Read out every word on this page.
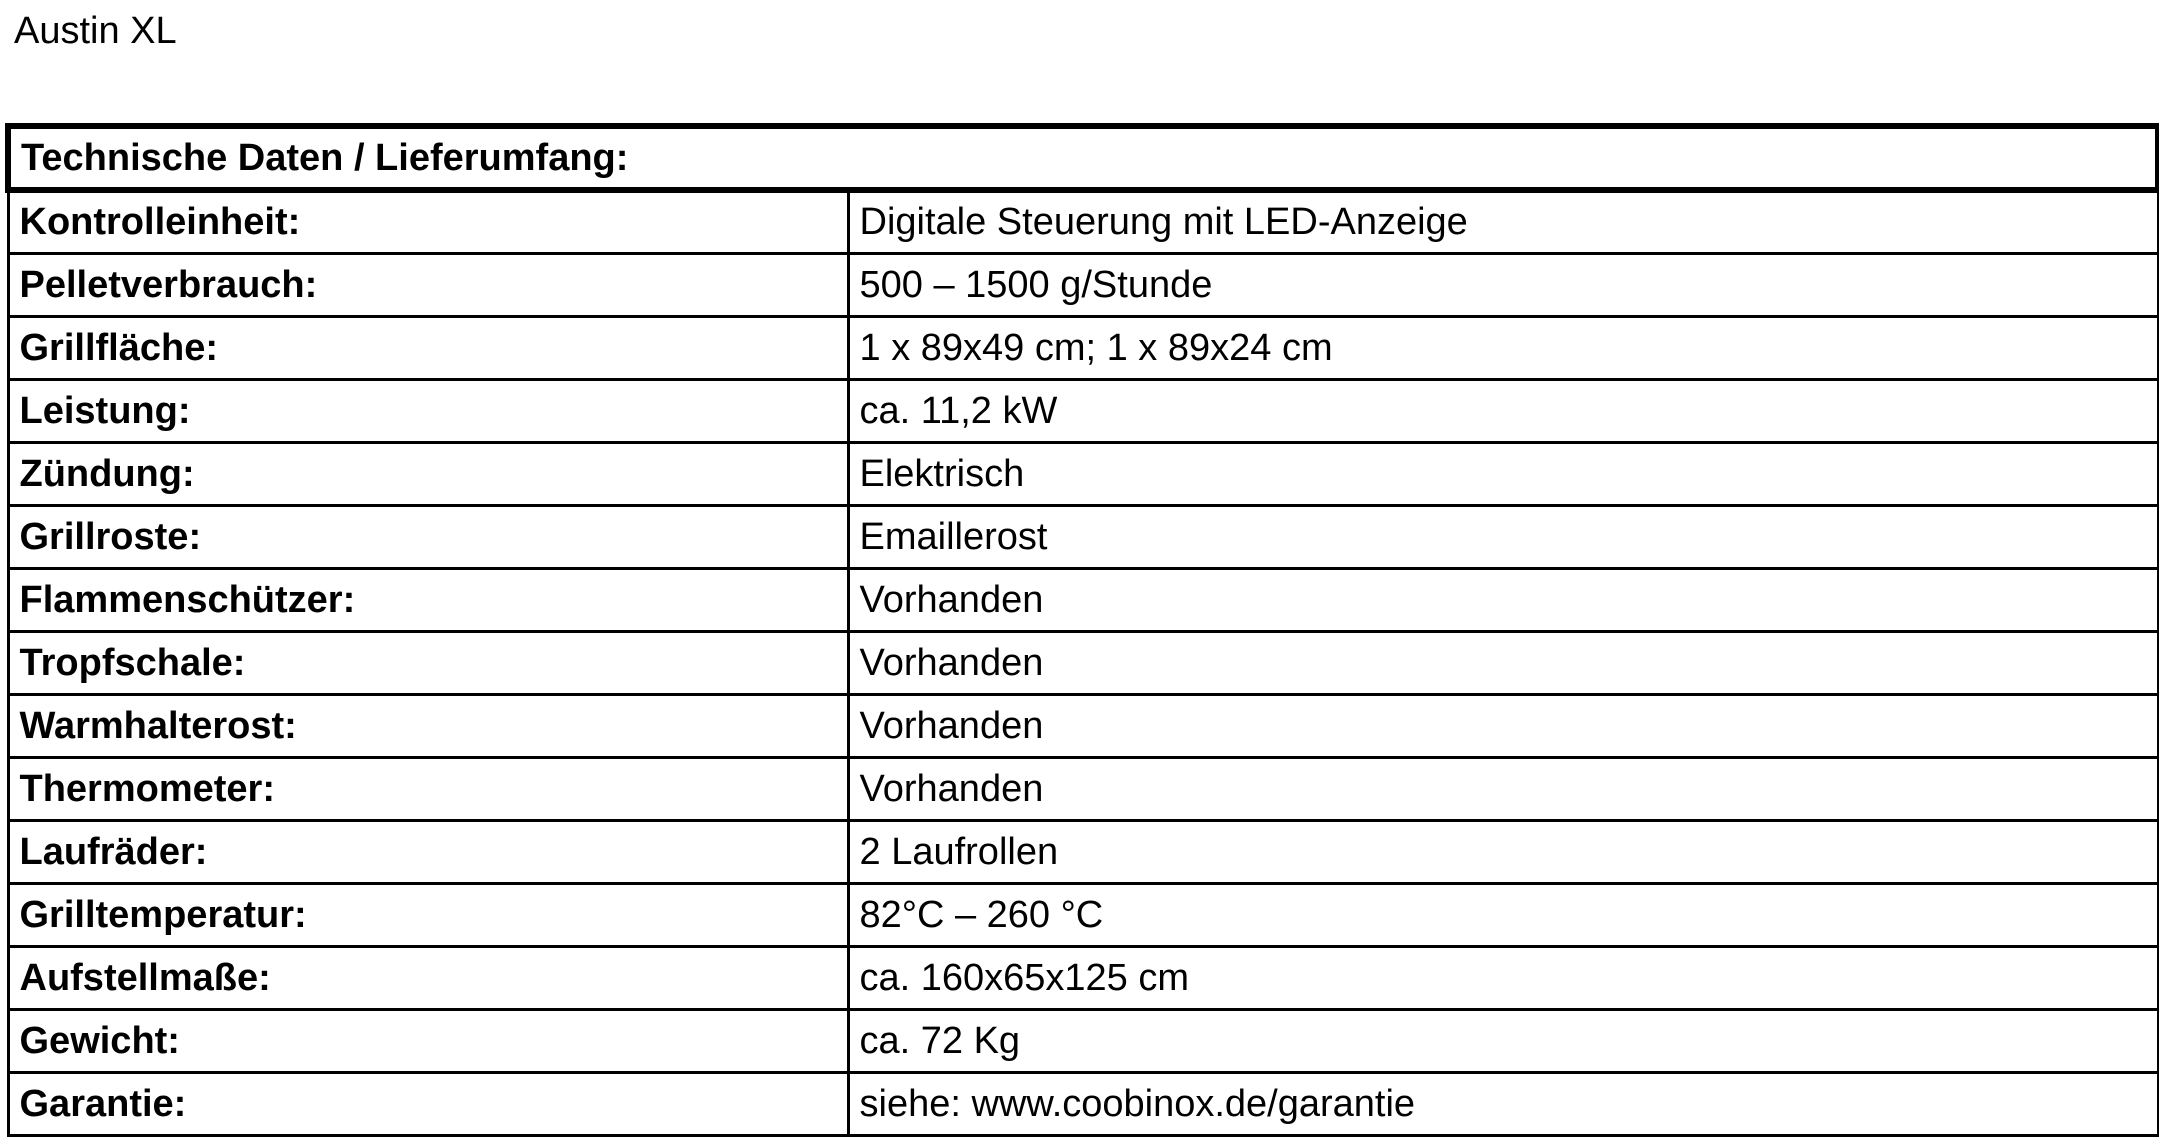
Austin XL
Technische Daten / Lieferumfang:	
Kontrolleinheit:	Digitale Steuerung mit LED-Anzeige
Pelletverbrauch:	500 – 1500 g/Stunde
Grillfläche:	1 x 89x49 cm; 1 x 89x24 cm
Leistung:	ca. 11,2 kW
Zündung:	Elektrisch
Grillroste:	Emaillerost
Flammenschützer:	Vorhanden
Tropfschale:	Vorhanden
Warmhalterost:	Vorhanden
Thermometer:	Vorhanden
Laufräder:	2 Laufrollen
Grilltemperatur:	82°C – 260 °C
Aufstellmaße:	ca. 160x65x125 cm
Gewicht:	ca. 72 Kg
Garantie:	siehe: www.coobinox.de/garantie
